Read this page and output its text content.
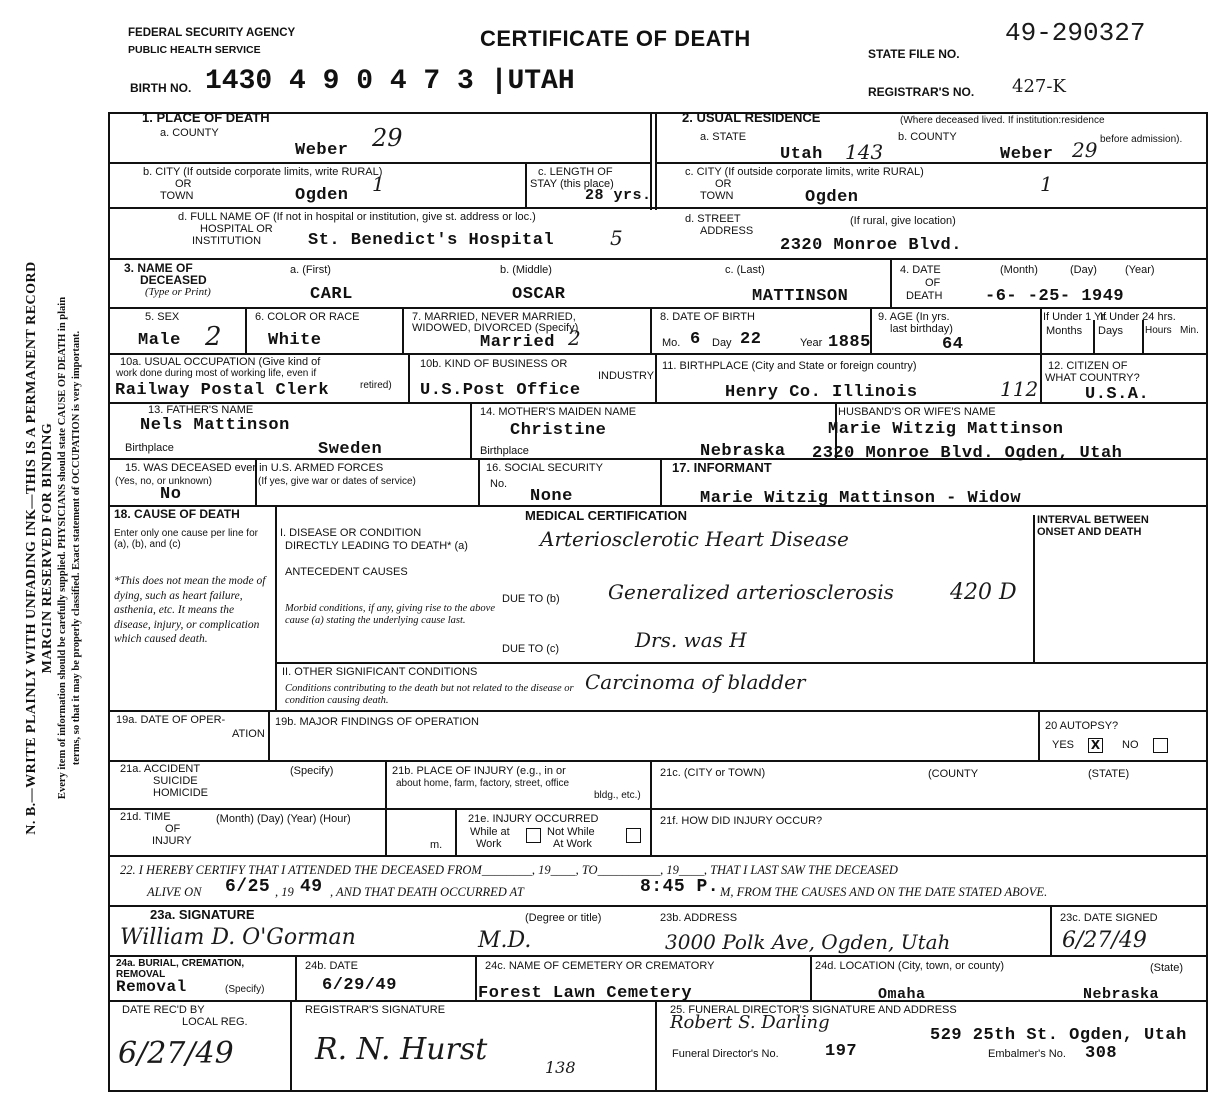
N. B.—WRITE PLAINLY WITH UNFADING INK—THIS IS A PERMANENT RECORD MARGIN RESERVED FOR BINDING Every item of information should be carefully supplied. PHYSICIANS should state CAUSE OF DEATH in plain terms, so that it may be properly classified. Exact statement of OCCUPATION is very important.
FEDERAL SECURITY AGENCY
PUBLIC HEALTH SERVICE	CERTIFICATE OF DEATH
STATE FILE NO.
49-290327
BIRTH NO. 1430 4 9 0 4 7 3 |UTAH	REGISTRAR'S NO. 427-K
1. PLACE OF DEATH
a. COUNTY
Weber 29
b. CITY (If outside corporate limits, write RURAL)
OR
TOWN	Ogden 1	c. LENGTH OF
STAY (this place)
28 yrs.
d. FULL NAME OF (If not in hospital or institution, give st. address or loc.)
HOSPITAL OR
INSTITUTION	St. Benedict's Hospital	5
2. USUAL RESIDENCE	(Where deceased lived. If institution:residence
before admission).
a. STATE
Utah 143
b. COUNTY
Weber 29
c. CITY (If outside corporate limits, write RURAL)
OR
TOWN	Ogden
1
d. STREET
ADDRESS
(If rural, give location)
2320 Monroe Blvd.
3. NAME OF
DECEASED
(Type or Print)
a. (First)
CARL
b. (Middle)
OSCAR
c. (Last)
MATTINSON
4. DATE
OF
DEATH
(Month)	(Day)	(Year)
-6- -25- 1949
5. SEX
Male 2
6. COLOR OR RACE
White
7. MARRIED, NEVER MARRIED,
WIDOWED, DIVORCED (Specify)
Married 2
8. DATE OF BIRTH
Mo. 6 Day 22	Year 1885
9. AGE (In yrs.
last birthday)
64
If Under 1 Yr.
Months Days
If Under 24 hrs.
Hours Min.
10a. USUAL OCCUPATION (Give kind of
work done during most of working life, even if
retired)
Railway Postal Clerk
10b. KIND OF BUSINESS OR
INDUSTRY
U.S.Post Office
11. BIRTHPLACE (City and State or foreign country)
Henry Co. Illinois	112
12. CITIZEN OF
WHAT COUNTRY?
U.S.A.
13. FATHER'S NAME
Nels Mattinson
Birthplace	Sweden
14. MOTHER'S MAIDEN NAME
Christine
Birthplace	Nebraska
HUSBAND'S OR WIFE'S NAME
Marie Witzig Mattinson
2320 Monroe Blvd. Ogden, Utah
15. WAS DECEASED ever in U.S. ARMED FORCES
(Yes, no, or unknown)	(If yes, give war or dates of service)
No
16. SOCIAL SECURITY
No.
None
17. INFORMANT
Marie Witzig Mattinson - Widow
18. CAUSE OF DEATH
Enter only one cause per line for (a), (b), and (c)
*This does not mean the mode of dying, such as heart failure, asthenia, etc. It means the disease, injury, or complication which caused death.
MEDICAL CERTIFICATION	INTERVAL BETWEEN
ONSET AND DEATH
I. DISEASE OR CONDITION
DIRECTLY LEADING TO DEATH* (a)	Arteriosclerotic Heart Disease
ANTECEDENT CAUSES
Morbid conditions, if any, giving rise to the above cause (a) stating the underlying cause last.
DUE TO (b) Generalized arteriosclerosis	420 D
DUE TO (c)	Drs. was H
II. OTHER SIGNIFICANT CONDITIONS
Conditions contributing to the death but not related to the disease or condition causing death.
Carcinoma of bladder
19a. DATE OF OPER-
ATION
19b. MAJOR FINDINGS OF OPERATION	20 AUTOPSY?
YES X NO
21a. ACCIDENT
SUICIDE
HOMICIDE
(Specify)	21b. PLACE OF INJURY (e.g., in or
about home, farm, factory, street, office
bldg., etc.)
21c. (CITY or TOWN)	(COUNTY	(STATE)
21d. TIME
OF
INJURY
(Month) (Day) (Year) (Hour)
m.
21e. INJURY OCCURRED
While at
Work
Not While
At Work
21f. HOW DID INJURY OCCUR?
22. I HEREBY CERTIFY THAT I ATTENDED THE DECEASED FROM________, 19____, TO__________, 19____, THAT I LAST SAW THE DECEASED
ALIVE ON 6/25 , 19 49 , AND THAT DEATH OCCURRED AT	8:45 P. M, FROM THE CAUSES AND ON THE DATE STATED ABOVE.
23a. SIGNATURE
William D. O'Gorman
(Degree or title)
M.D.
23b. ADDRESS
3000 Polk Ave, Ogden, Utah
23c. DATE SIGNED
6/27/49
24a. BURIAL, CREMATION, REMOVAL
Removal	(Specify)
24b. DATE
6/29/49
24c. NAME OF CEMETERY OR CREMATORY
Forest Lawn Cemetery
24d. LOCATION (City, town, or county)	(State)
Omaha	Nebraska
DATE REC'D BY
LOCAL REG.
6/27/49
REGISTRAR'S SIGNATURE
R. N. Hurst
138
25. FUNERAL DIRECTOR'S SIGNATURE AND ADDRESS
Robert S. Darling
529 25th St. Ogden, Utah
Funeral Director's No.	197	Embalmer's No. 308
